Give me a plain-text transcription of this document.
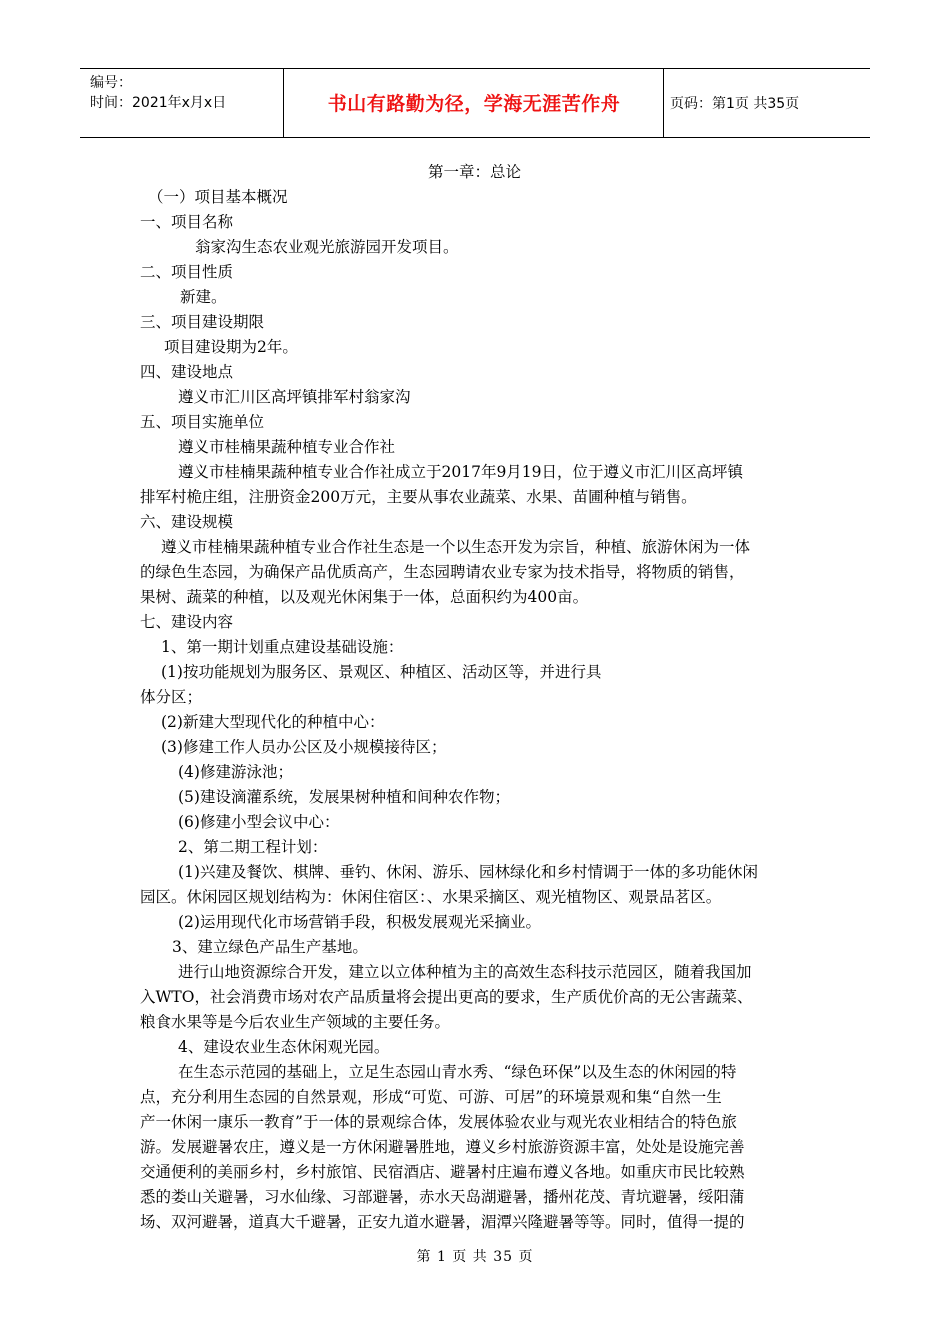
编号：
时间：2021年x月x日	书山有路勤为径，学海无涯苦作舟	页码：第1页 共35页
第一章：总论
（一）项目基本概况
一、项目名称
翁家沟生态农业观光旅游园开发项目。
二、项目性质
新建。
三、项目建设期限
项目建设期为2年。
四、建设地点
遵义市汇川区高坪镇排军村翁家沟
五、项目实施单位
遵义市桂楠果蔬种植专业合作社
遵义市桂楠果蔬种植专业合作社成立于2017年9月19日，位于遵义市汇川区高坪镇
排军村桅庄组，注册资金200万元，主要从事农业蔬菜、水果、苗圃种植与销售。
六、建设规模
遵义市桂楠果蔬种植专业合作社生态是一个以生态开发为宗旨，种植、旅游休闲为一体
的绿色生态园，为确保产品优质高产，生态园聘请农业专家为技术指导，将物质的销售，
果树、蔬菜的种植，以及观光休闲集于一体，总面积约为400亩。
七、建设内容
1、第一期计划重点建设基础设施：
(1)按功能规划为服务区、景观区、种植区、活动区等，并进行具
体分区；
(2)新建大型现代化的种植中心：
(3)修建工作人员办公区及小规模接待区；
(4)修建游泳池；
(5)建设滴灌系统，发展果树种植和间种农作物；
(6)修建小型会议中心：
2、第二期工程计划：
(1)兴建及餐饮、棋牌、垂钓、休闲、游乐、园林绿化和乡村情调于一体的多功能休闲
园区。休闲园区规划结构为：休闲住宿区：、水果采摘区、观光植物区、观景品茗区。
(2)运用现代化市场营销手段，积极发展观光采摘业。
3、建立绿色产品生产基地。
进行山地资源综合开发，建立以立体种植为主的高效生态科技示范园区，随着我国加
入WTO，社会消费市场对农产品质量将会提出更高的要求，生产质优价高的无公害蔬菜、
粮食水果等是今后农业生产领域的主要任务。
4、建设农业生态休闲观光园。
在生态示范园的基础上，立足生态园山青水秀、“绿色环保”以及生态的休闲园的特
点，充分利用生态园的自然景观，形成“可览、可游、可居”的环境景观和集“自然一生
产一休闲一康乐一教育”于一体的景观综合体，发展体验农业与观光农业相结合的特色旅
游。发展避暑农庄，遵义是一方休闲避暑胜地，遵义乡村旅游资源丰富，处处是设施完善
交通便利的美丽乡村，乡村旅馆、民宿酒店、避暑村庄遍布遵义各地。如重庆市民比较熟
悉的娄山关避暑，习水仙缘、习部避暑，赤水天岛湖避暑，播州花茂、青坑避暑，绥阳蒲
场、双河避暑，道真大千避暑，正安九道水避暑，湄潭兴隆避暑等等。同时，值得一提的
第 1 页 共 35 页
